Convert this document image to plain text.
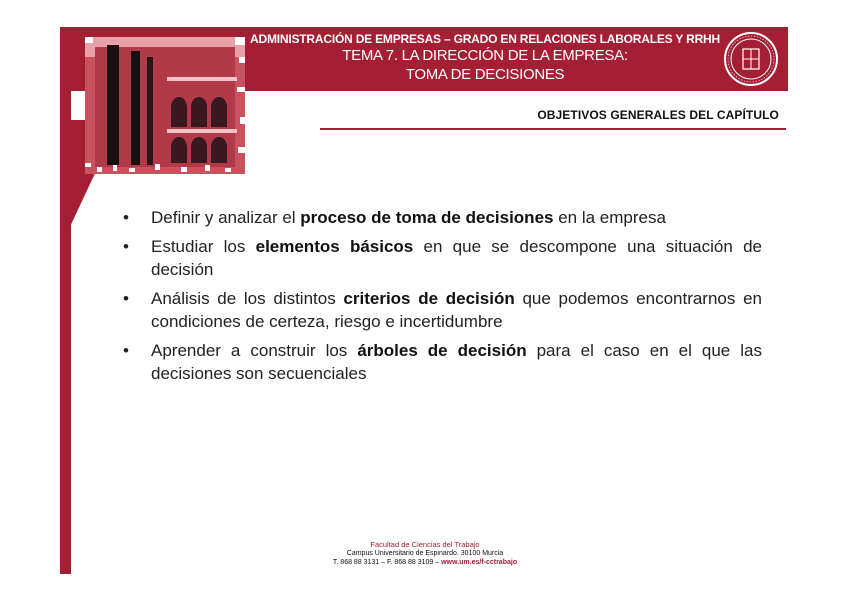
ADMINISTRACIÓN DE EMPRESAS – GRADO EN RELACIONES LABORALES Y RRHH
TEMA 7. LA DIRECCIÓN DE LA EMPRESA:
TOMA DE DECISIONES
OBJETIVOS GENERALES DEL CAPÍTULO
• Definir y analizar el proceso de toma de decisiones en la empresa
• Estudiar los elementos básicos en que se descompone una situación de decisión
• Análisis de los distintos criterios de decisión que podemos encontrarnos en condiciones de certeza, riesgo e incertidumbre
• Aprender a construir los árboles de decisión para el caso en el que las decisiones son secuenciales
Facultad de Ciencias del Trabajo
Campus Universitario de Espinardo. 30100 Murcia
T. 868 88 3131 – F. 868 88 3109 – www.um.es/f-cctrabajo
